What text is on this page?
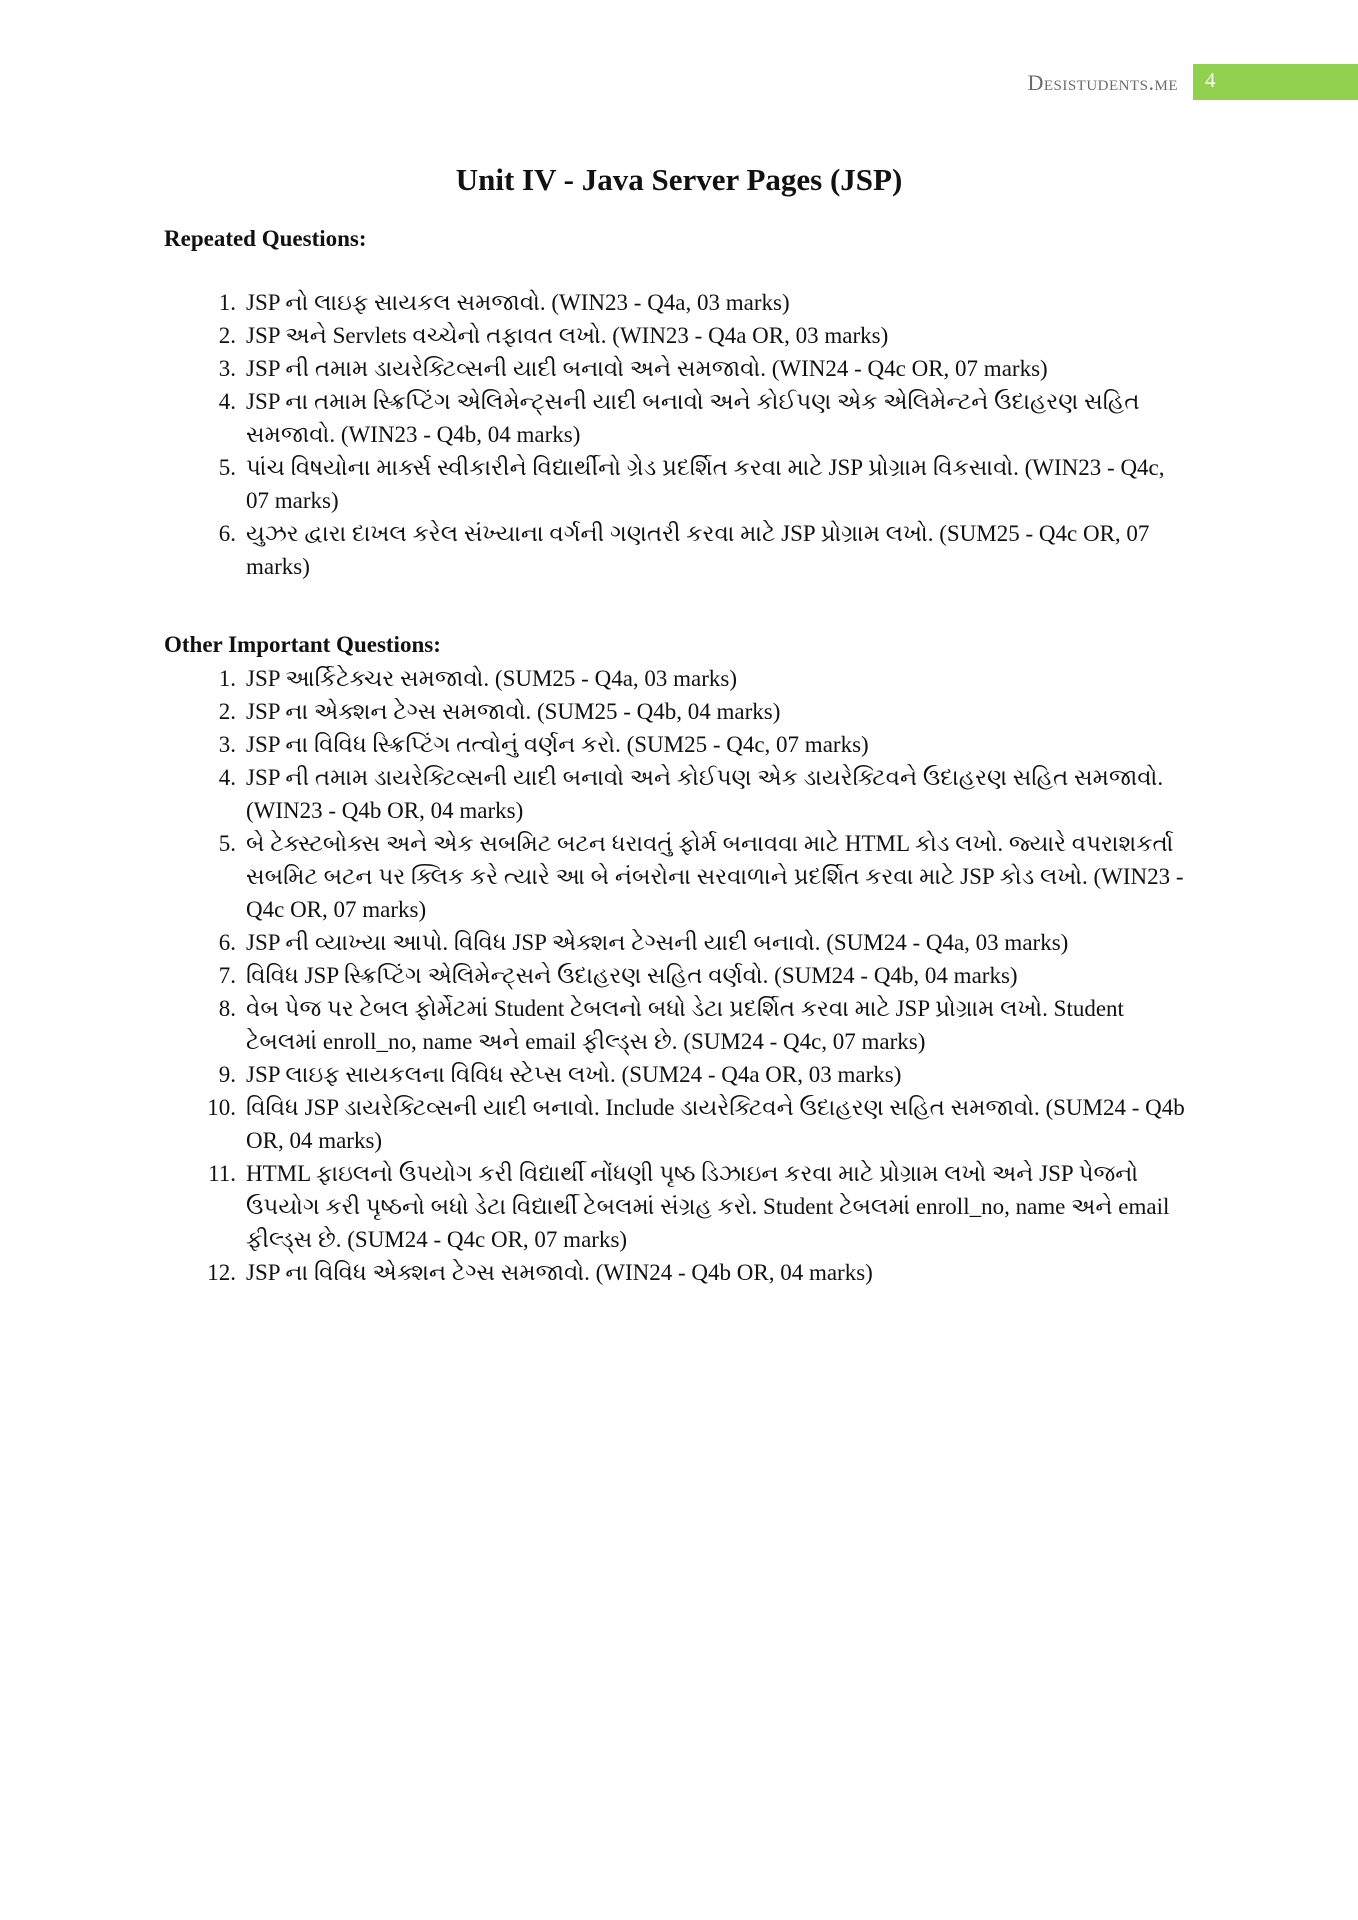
Desistudents.me 4
Unit IV - Java Server Pages (JSP)
Repeated Questions:
1. JSP નો લાઇફ સાયકલ સમજાવો. (WIN23 - Q4a, 03 marks)
2. JSP અને Servlets વચ્ચેનો તફાવત લખો. (WIN23 - Q4a OR, 03 marks)
3. JSP ની તમામ ડાયરેક્ટિવ્સની યાદી બનાવો અને સમજાવો. (WIN24 - Q4c OR, 07 marks)
4. JSP ના તમામ સ્ક્રિપ્ટિંગ એલિમેન્ટ્સની યાદી બનાવો અને કોઈપણ એક એલિમેન્ટને ઉદાહરણ સહિત સમજાવો. (WIN23 - Q4b, 04 marks)
5. પાંચ વિષયોના માર્ક્સ સ્વીકારીને વિદ્યાર્થીનો ગ્રેડ પ્રદર્શિત કરવા માટે JSP પ્રોગ્રામ વિકસાવો. (WIN23 - Q4c, 07 marks)
6. યુઝર દ્વારા દાખલ કરેલ સંખ્યાના વર્ગની ગણતરી કરવા માટે JSP પ્રોગ્રામ લખો. (SUM25 - Q4c OR, 07 marks)
Other Important Questions:
1. JSP આર્કિટેક્ચર સમજાવો. (SUM25 - Q4a, 03 marks)
2. JSP ના એક્શન ટેગ્સ સમજાવો. (SUM25 - Q4b, 04 marks)
3. JSP ના વિવિધ સ્ક્રિપ્ટિંગ તત્વોનું વર્ણન કરો. (SUM25 - Q4c, 07 marks)
4. JSP ની તમામ ડાયરેક્ટિવ્સની યાદી બનાવો અને કોઈપણ એક ડાયરેક્ટિવને ઉદાહરણ સહિત સમજાવો. (WIN23 - Q4b OR, 04 marks)
5. બે ટેક્સ્ટબોક્સ અને એક સબમિટ બટન ધરાવતું ફોર્મ બનાવવા માટે HTML કોડ લખો. જ્યારે વપરાશકર્તા સબમિટ બટન પર ક્લિક કરે ત્યારે આ બે નંબરોના સરવાળાને પ્રદર્શિત કરવા માટે JSP કોડ લખો. (WIN23 - Q4c OR, 07 marks)
6. JSP ની વ્યાખ્યા આપો. વિવિધ JSP એક્શન ટેગ્સની યાદી બનાવો. (SUM24 - Q4a, 03 marks)
7. વિવિધ JSP સ્ક્રિપ્ટિંગ એલિમેન્ટ્સને ઉદાહરણ સહિત વર્ણવો. (SUM24 - Q4b, 04 marks)
8. વેબ પેજ પર ટેબલ ફોર્મેટમાં Student ટેબલનો બધો ડેટા પ્રદર્શિત કરવા માટે JSP પ્રોગ્રામ લખો. Student ટેબલમાં enroll_no, name અને email ફીલ્ડ્સ છે. (SUM24 - Q4c, 07 marks)
9. JSP લાઇફ સાયકલના વિવિધ સ્ટેપ્સ લખો. (SUM24 - Q4a OR, 03 marks)
10. વિવિધ JSP ડાયરેક્ટિવ્સની યાદી બનાવો. Include ડાયરેક્ટિવને ઉદાહરણ સહિત સમજાવો. (SUM24 - Q4b OR, 04 marks)
11. HTML ફાઇલનો ઉપયોગ કરી વિદ્યાર્થી નોંધણી પૃષ્ઠ ડિઝાઇન કરવા માટે પ્રોગ્રામ લખો અને JSP પેજનો ઉપયોગ કરી પૃષ્ઠનો બધો ડેટા વિદ્યાર્થી ટેબલમાં સંગ્રહ કરો. Student ટેબલમાં enroll_no, name અને email ફીલ્ડ્સ છે. (SUM24 - Q4c OR, 07 marks)
12. JSP ના વિવિધ એક્શન ટેગ્સ સમજાવો. (WIN24 - Q4b OR, 04 marks)
